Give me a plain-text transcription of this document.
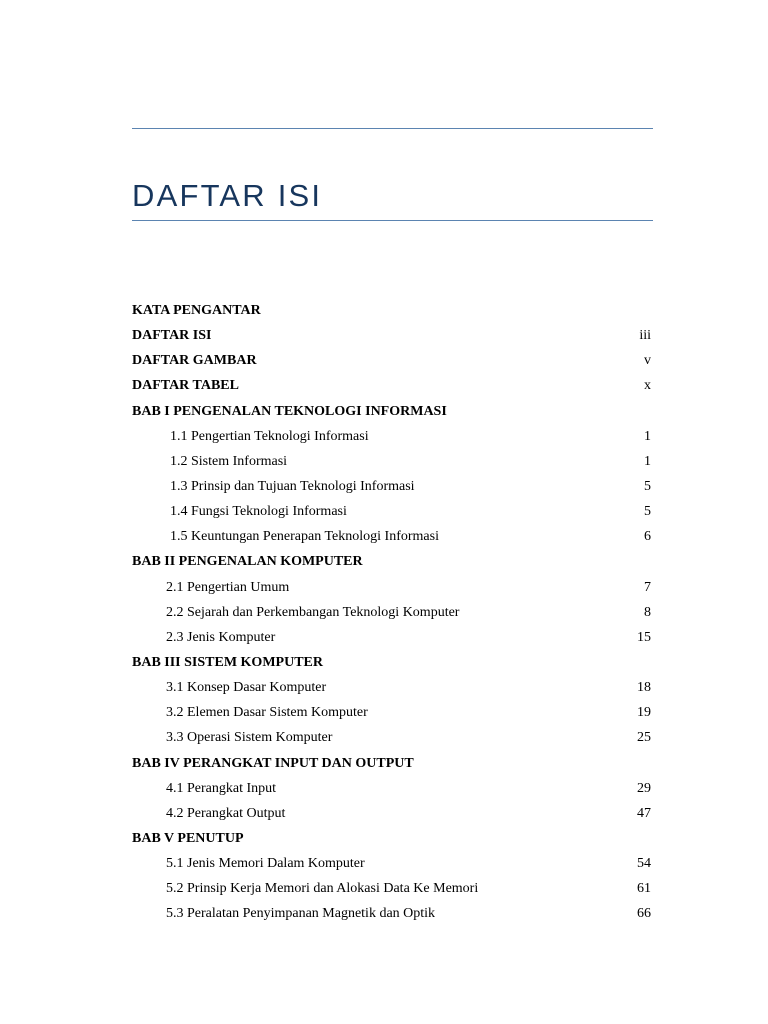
DAFTAR ISI
KATA PENGANTAR
DAFTAR ISI	iii
DAFTAR GAMBAR	v
DAFTAR TABEL	x
BAB I PENGENALAN TEKNOLOGI INFORMASI
1.1 Pengertian Teknologi Informasi	1
1.2 Sistem Informasi	1
1.3 Prinsip dan Tujuan Teknologi Informasi	5
1.4 Fungsi Teknologi Informasi	5
1.5 Keuntungan Penerapan Teknologi Informasi	6
BAB II PENGENALAN KOMPUTER
2.1 Pengertian Umum	7
2.2 Sejarah dan Perkembangan Teknologi Komputer	8
2.3 Jenis Komputer	15
BAB III SISTEM KOMPUTER
3.1 Konsep Dasar Komputer	18
3.2 Elemen Dasar Sistem Komputer	19
3.3 Operasi Sistem Komputer	25
BAB IV PERANGKAT INPUT DAN OUTPUT
4.1 Perangkat Input	29
4.2 Perangkat Output	47
BAB V PENUTUP
5.1 Jenis Memori Dalam Komputer	54
5.2 Prinsip Kerja Memori dan Alokasi Data Ke Memori	61
5.3 Peralatan Penyimpanan Magnetik dan Optik	66
